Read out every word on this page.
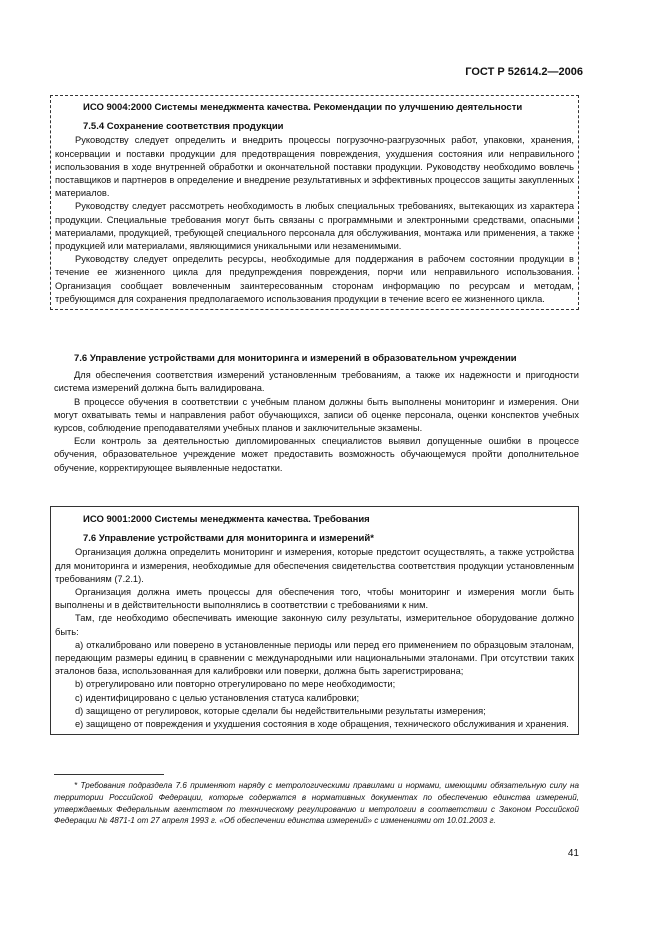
ГОСТ Р 52614.2—2006

ИСО 9004:2000 Системы менеджмента качества. Рекомендации по улучшению деятельности

7.5.4 Сохранение соответствия продукции

Руководству следует определить и внедрить процессы погрузочно-разгрузочных работ, упаковки, хранения, консервации и поставки продукции для предотвращения повреждения, ухудшения состояния или неправильного использования в ходе внутренней обработки и окончательной поставки продукции. Руководству необходимо вовлечь поставщиков и партнеров в определение и внедрение результативных и эффективных процессов защиты закупленных материалов.

Руководству следует рассмотреть необходимость в любых специальных требованиях, вытекающих из характера продукции. Специальные требования могут быть связаны с программными и электронными средствами, опасными материалами, продукцией, требующей специального персонала для обслуживания, монтажа или применения, а также продукцией или материалами, являющимися уникальными или незаменимыми.

Руководству следует определить ресурсы, необходимые для поддержания в рабочем состоянии продукции в течение ее жизненного цикла для предупреждения повреждения, порчи или неправильного использования. Организация сообщает вовлеченным заинтересованным сторонам информацию по ресурсам и методам, требующимся для сохранения предполагаемого использования продукции в течение всего ее жизненного цикла.

7.6 Управление устройствами для мониторинга и измерений в образовательном учреждении

Для обеспечения соответствия измерений установленным требованиям, а также их надежности и пригодности система измерений должна быть валидирована.

В процессе обучения в соответствии с учебным планом должны быть выполнены мониторинг и измерения. Они могут охватывать темы и направления работ обучающихся, записи об оценке персонала, оценки конспектов учебных курсов, соблюдение преподавателями учебных планов и заключительные экзамены.

Если контроль за деятельностью дипломированных специалистов выявил допущенные ошибки в процессе обучения, образовательное учреждение может предоставить возможность обучающемуся пройти дополнительное обучение, корректирующее выявленные недостатки.

ИСО 9001:2000 Системы менеджмента качества. Требования

7.6 Управление устройствами для мониторинга и измерений*

Организация должна определить мониторинг и измерения, которые предстоит осуществлять, а также устройства для мониторинга и измерения, необходимые для обеспечения свидетельства соответствия продукции установленным требованиям (7.2.1).

Организация должна иметь процессы для обеспечения того, чтобы мониторинг и измерения могли быть выполнены и в действительности выполнялись в соответствии с требованиями к ним.

Там, где необходимо обеспечивать имеющие законную силу результаты, измерительное оборудование должно быть:

а) откалибровано или поверено в установленные периоды или перед его применением по образцовым эталонам, передающим размеры единиц в сравнении с международными или национальными эталонами. При отсутствии таких эталонов база, использованная для калибровки или поверки, должна быть зарегистрирована;

b) отрегулировано или повторно отрегулировано по мере необходимости;

c) идентифицировано с целью установления статуса калибровки;

d) защищено от регулировок, которые сделали бы недействительными результаты измерения;

e) защищено от повреждения и ухудшения состояния в ходе обращения, технического обслуживания и хранения.

* Требования подраздела 7.6 применяют наряду с метрологическими правилами и нормами, имеющими обязательную силу на территории Российской Федерации, которые содержатся в нормативных документах по обеспечению единства измерений, утверждаемых Федеральным агентством по техническому регулированию и метрологии в соответствии с Законом Российской Федерации № 4871-1 от 27 апреля 1993 г. «Об обеспечении единства измерений» с изменениями от 10.01.2003 г.

41
